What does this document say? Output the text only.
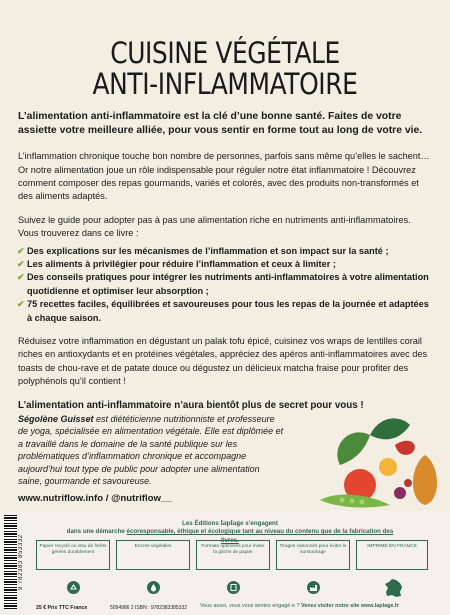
CUISINE VÉGÉTALE
ANTI-INFLAMMATOIRE
L’alimentation anti-inflammatoire est la clé d’une bonne santé. Faites de votre assiette votre meilleure alliée, pour vous sentir en forme tout au long de votre vie.

L’inflammation chronique touche bon nombre de personnes, parfois sans même qu’elles le sachent… Or notre alimentation joue un rôle indispensable pour réguler notre état inflammatoire ! Découvrez comment composer des repas gourmands, variés et colorés, avec des produits non-transformés et des aliments adaptés.

Suivez le guide pour adopter pas à pas une alimentation riche en nutriments anti-inflammatoires. Vous trouverez dans ce livre :

✔ Des explications sur les mécanismes de l’inflammation et son impact sur la santé ;
✔ Les aliments à privilégier pour réduire l’inflammation et ceux à limiter ;
✔ Des conseils pratiques pour intégrer les nutriments anti-inflammatoires à votre alimentation quotidienne et optimiser leur absorption ;
✔ 75 recettes faciles, équilibrées et savoureuses pour tous les repas de la journée et adaptées à chaque saison.

Réduisez votre inflammation en dégustant un palak tofu épicé, cuisinez vos wraps de lentilles corail riches en antioxydants et en protéines végétales, appréciez des apéros anti-inflammatoires avec des toasts de chou-rave et de patate douce ou dégustez un délicieux matcha fraise pour profiter des polyphénols qu’il contient !

L’alimentation anti-inflammatoire n’aura bientôt plus de secret pour vous !
Ségolène Guisset est diététicienne nutritionniste et professeure de yoga, spécialisée en alimentation végétale. Elle est diplômée et a travaillé dans le domaine de la santé publique sur les problématiques d’inflammation chronique et accompagne aujourd’hui tout type de public pour adopter une alimentation saine, gourmande et savoureuse.
www.nutriflow.info / @nutriflow__
9 782383 853332
Les Éditions laplage s’engagent
dans une démarche écoresponsable, éthique et écologique tant au niveau du contenu que de la fabrication des livres.
Papier recyclé ou issu de forêts gérées durablement
Encres végétales	Formats optimisés pour éviter la gâche de papier
Tirages raisonnés pour éviter le surstockage
IMPRIMÉ EN FRANCE
25 € Prix TTC France	5094986 2 ISBN : 9782383385332 Vous aussi, vous vous sentez engagé·e ? Venez visiter notre site www.laplage.fr
